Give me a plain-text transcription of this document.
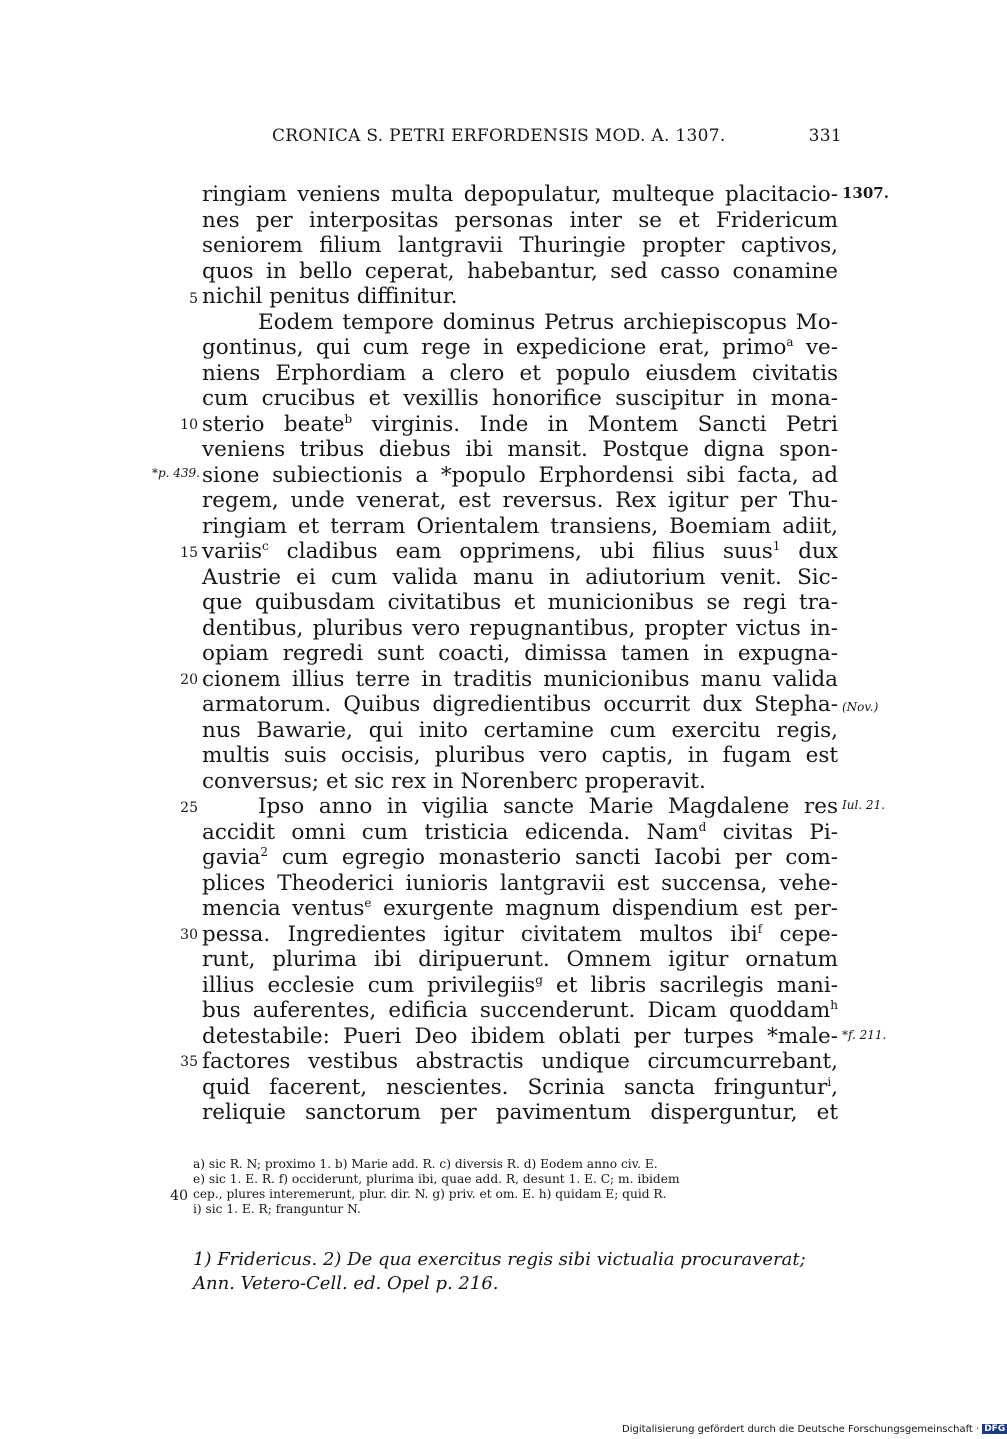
CRONICA S. PETRI ERFORDENSIS MOD. A. 1307.	331
1307.
*p. 439.
(Nov.)
Iul. 21.
*f. 211.
5
10
15
20
25
30
35
40
ringiam veniens multa depopulatur, multeque placitacio-
nes per interpositas personas inter se et Fridericum
seniorem filium lantgravii Thuringie propter captivos,
quos in bello ceperat, habebantur, sed casso conamine
nichil penitus diffinitur.
Eodem tempore dominus Petrus archiepiscopus Mo-
gontinus, qui cum rege in expedicione erat, primo$^a$ ve-
niens Erphordiam a clero et populo eiusdem civitatis
cum crucibus et vexillis honorifice suscipitur in mona-
sterio beate$^b$ virginis. Inde in Montem Sancti Petri
veniens tribus diebus ibi mansit. Postque digna spon-
sione subiectionis a *populo Erphordensi sibi facta, ad
regem, unde venerat, est reversus. Rex igitur per Thu-
ringiam et terram Orientalem transiens, Boemiam adiit,
variis$^c$ cladibus eam opprimens, ubi filius suus$^1$ dux
Austrie ei cum valida manu in adiutorium venit. Sic-
que quibusdam civitatibus et municionibus se regi tra-
dentibus, pluribus vero repugnantibus, propter victus in-
opiam regredi sunt coacti, dimissa tamen in expugna-
cionem illius terre in traditis municionibus manu valida
armatorum. Quibus digredientibus occurrit dux Stepha-
nus Bawarie, qui inito certamine cum exercitu regis,
multis suis occisis, pluribus vero captis, in fugam est
conversus; et sic rex in Norenberc properavit.
Ipso anno in vigilia sancte Marie Magdalene res
accidit omni cum tristicia edicenda. Nam$^d$ civitas Pi-
gavia$^2$ cum egregio monasterio sancti Iacobi per com-
plices Theoderici iunioris lantgravii est succensa, vehe-
mencia ventus$^e$ exurgente magnum dispendium est per-
pessa. Ingredientes igitur civitatem multos ibi$^f$ cepe-
runt, plurima ibi diripuerunt. Omnem igitur ornatum
illius ecclesie cum privilegiis$^g$ et libris sacrilegis mani-
bus auferentes, edificia succenderunt. Dicam quoddam$^h$
detestabile: Pueri Deo ibidem oblati per turpes *male-
factores vestibus abstractis undique circumcurrebant,
quid facerent, nescientes. Scrinia sancta fringuntur$^i$,
reliquie sanctorum per pavimentum disperguntur, et
a) sic R. N; proximo 1. b) Marie add. R. c) diversis R. d) Eodem anno civ. E.
e) sic 1. E. R. f) occiderunt, plurima ibi, quae add. R, desunt 1. E. C; m. ibidem
cep., plures interemerunt, plur. dir. N. g) priv. et om. E. h) quidam E; quid R.
i) sic 1. E. R; franguntur N.
1) Fridericus. 2) De qua exercitus regis sibi victualia procuraverat;
Ann. Vetero-Cell. ed. Opel p. 216.
Digitalisierung gefördert durch die Deutsche Forschungsgemeinschaft · DFG
